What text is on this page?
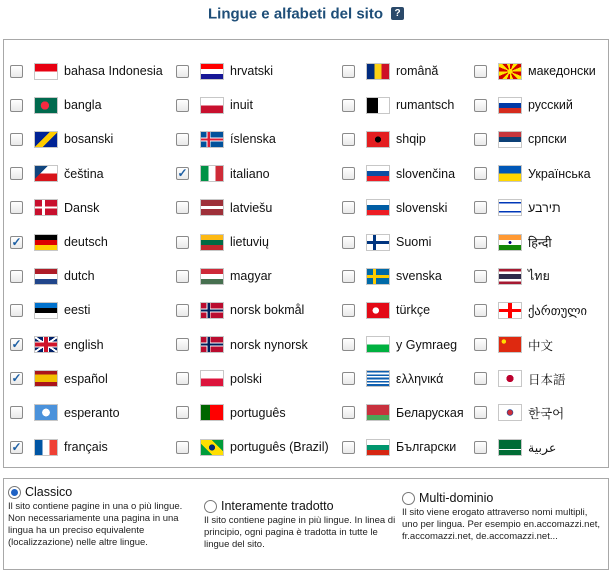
Lingue e alfabeti del sito ?
bahasa Indonesia	hrvatski	română	македонски
bangla	inuit	rumantsch	русский
bosanski	íslenska	shqip	српски
čeština	✓	italiano	slovenčina	Українська
Dansk	latviešu	slovenski	תירבע
✓	deutsch	lietuvių	Suomi	हिन्दी
dutch	magyar	svenska	ไทย
eesti	norsk bokmål	türkçe	ქართული
✓	english	norsk nynorsk	y Gymraeg	中文
✓	español	polski	ελληνικά	日本語
esperanto	português	Беларуская	한국어
✓	français	português (Brazil)	Български	عربية
Classico
Il sito contiene pagine in una o più lingue. Non necessariamente una pagina in una lingua ha un preciso equivalente (localizzazione) nelle altre lingue.
Interamente tradotto
Il sito contiene pagine in più lingue. In linea di principio, ogni pagina è tradotta in tutte le lingue del sito.
Multi-dominio
Il sito viene erogato attraverso nomi multipli, uno per lingua. Per esempio en.accomazzi.net, fr.accomazzi.net, de.accomazzi.net...
